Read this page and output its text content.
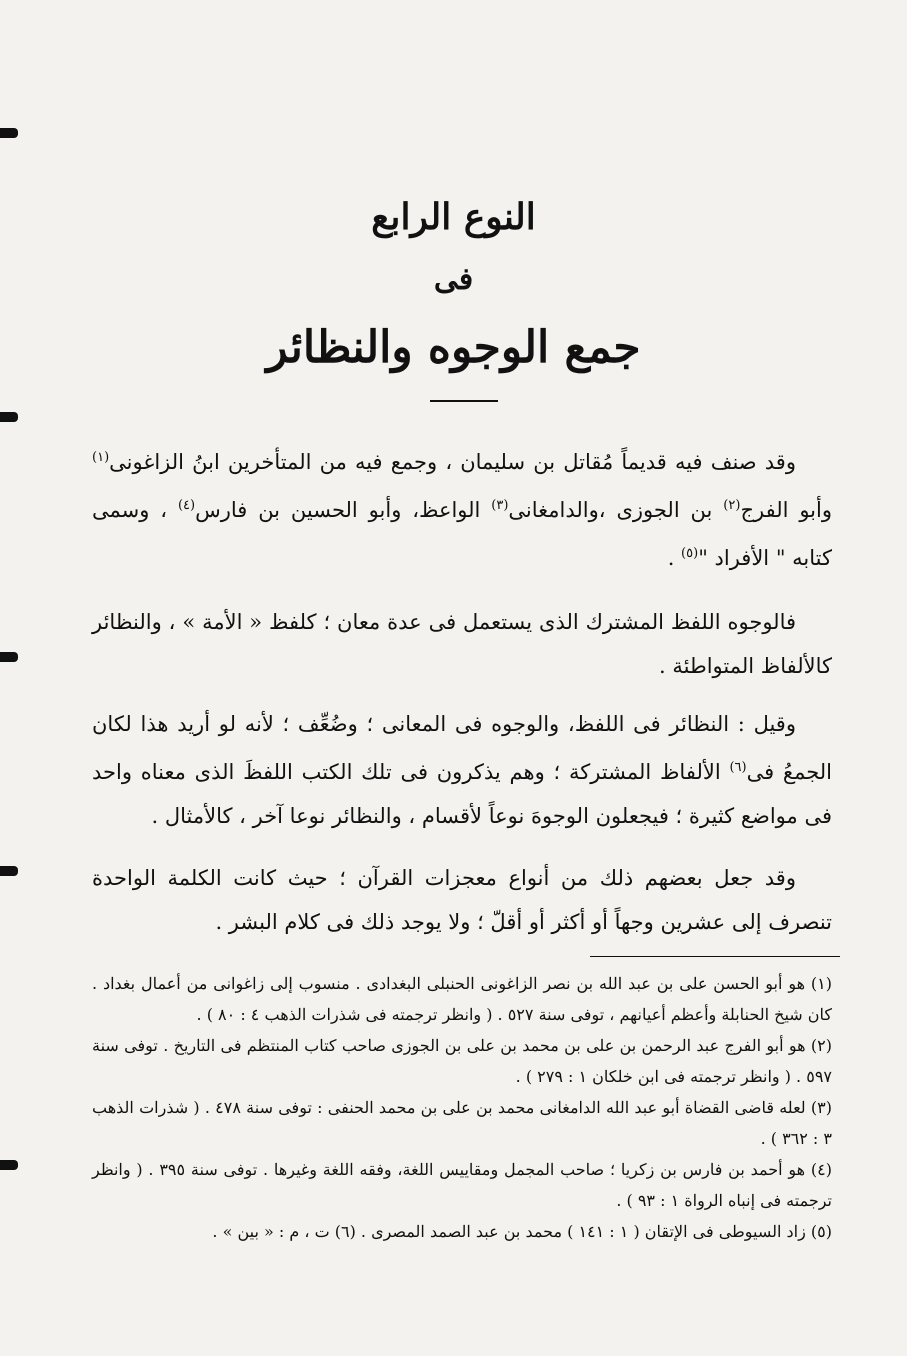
النوع الرابع
فى
جمع الوجوه والنظائر

وقد صنف فيه قديماً مُقاتل بن سليمان ، وجمع فيه من المتأخرين ابنُ الزاغونى$^{(١)}$ وأبو الفرج$^{(٢)}$ بن الجوزى ،والدامغانى$^{(٣)}$ الواعظ، وأبو الحسين بن فارس$^{(٤)}$ ، وسمى كتابه " الأفراد "$^{(٥)}$ .

فالوجوه اللفظ المشترك الذى يستعمل فى عدة معان ؛ كلفظ « الأمة » ، والنظائر كالألفاظ المتواطئة .

وقيل : النظائر فى اللفظ، والوجوه فى المعانى ؛ وضُعِّف ؛ لأنه لو أريد هذا لكان الجمعُ فى$^{(٦)}$ الألفاظ المشتركة ؛ وهم يذكرون فى تلك الكتب اللفظَ الذى معناه واحد فى مواضع كثيرة ؛ فيجعلون الوجوهَ نوعاً لأقسام ، والنظائر نوعا آخر ، كالأمثال .

وقد جعل بعضهم ذلك من أنواع معجزات القرآن ؛ حيث كانت الكلمة الواحدة تنصرف إلى عشرين وجهاً أو أكثر أو أقلّ ؛ ولا يوجد ذلك فى كلام البشر .

(١) هو أبو الحسن على بن عبد الله بن نصر الزاغونى الحنبلى البغدادى . منسوب إلى زاغوانى من أعمال بغداد . كان شيخ الحنابلة وأعظم أعيانهم ، توفى سنة ٥٢٧ . ( وانظر ترجمته فى شذرات الذهب ٤ : ٨٠ ) .

(٢) هو أبو الفرج عبد الرحمن بن على بن محمد بن على بن الجوزى صاحب كتاب المنتظم فى التاريخ . توفى سنة ٥٩٧ . ( وانظر ترجمته فى ابن خلكان ١ : ٢٧٩ ) .

(٣) لعله قاضى القضاة أبو عبد الله الدامغانى محمد بن على بن محمد الحنفى : توفى سنة ٤٧٨ . ( شذرات الذهب ٣ : ٣٦٢ ) .

(٤) هو أحمد بن فارس بن زكريا ؛ صاحب المجمل ومقاييس اللغة، وفقه اللغة وغيرها . توفى سنة ٣٩٥ . ( وانظر ترجمته فى إنباه الرواة ١ : ٩٣ ) .

(٥) زاد السيوطى فى الإتقان ( ١ : ١٤١ ) محمد بن عبد الصمد المصرى . (٦) ت ، م : « بين » .
